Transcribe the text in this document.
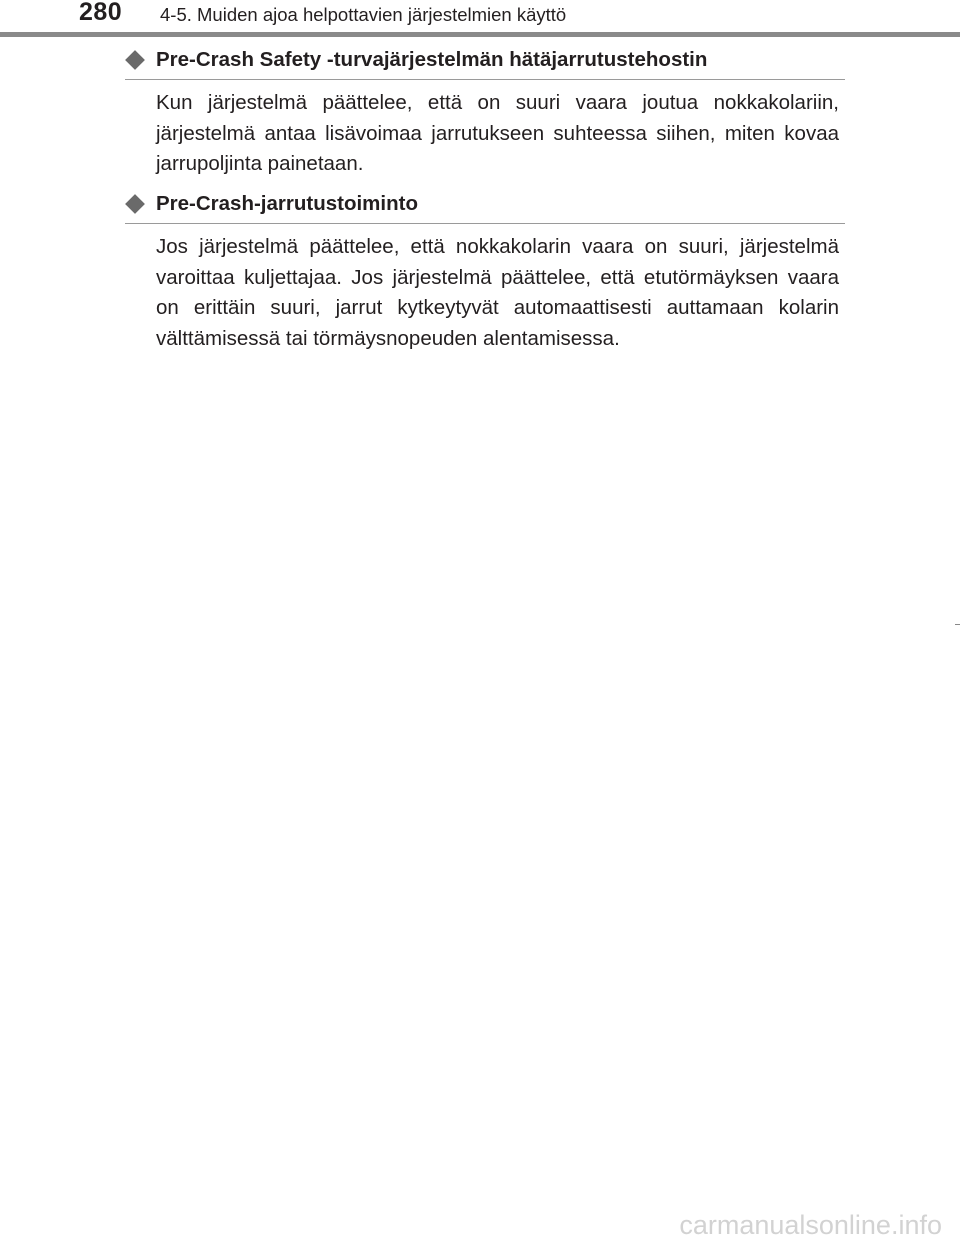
280 4-5. Muiden ajoa helpottavien järjestelmien käyttö
Pre-Crash Safety -turvajärjestelmän hätäjarrutustehostin

Kun järjestelmä päättelee, että on suuri vaara joutua nokkakolariin, järjestelmä antaa lisävoimaa jarrutukseen suhteessa siihen, miten kovaa jarrupoljinta painetaan.

Pre-Crash-jarrutustoiminto

Jos järjestelmä päättelee, että nokkakolarin vaara on suuri, järjestelmä varoittaa kuljettajaa. Jos järjestelmä päättelee, että etutörmäyksen vaara on erittäin suuri, jarrut kytkeytyvät automaattisesti auttamaan kolarin välttämisessä tai törmäysnopeuden alentamisessa.

carmanualsonline.info
